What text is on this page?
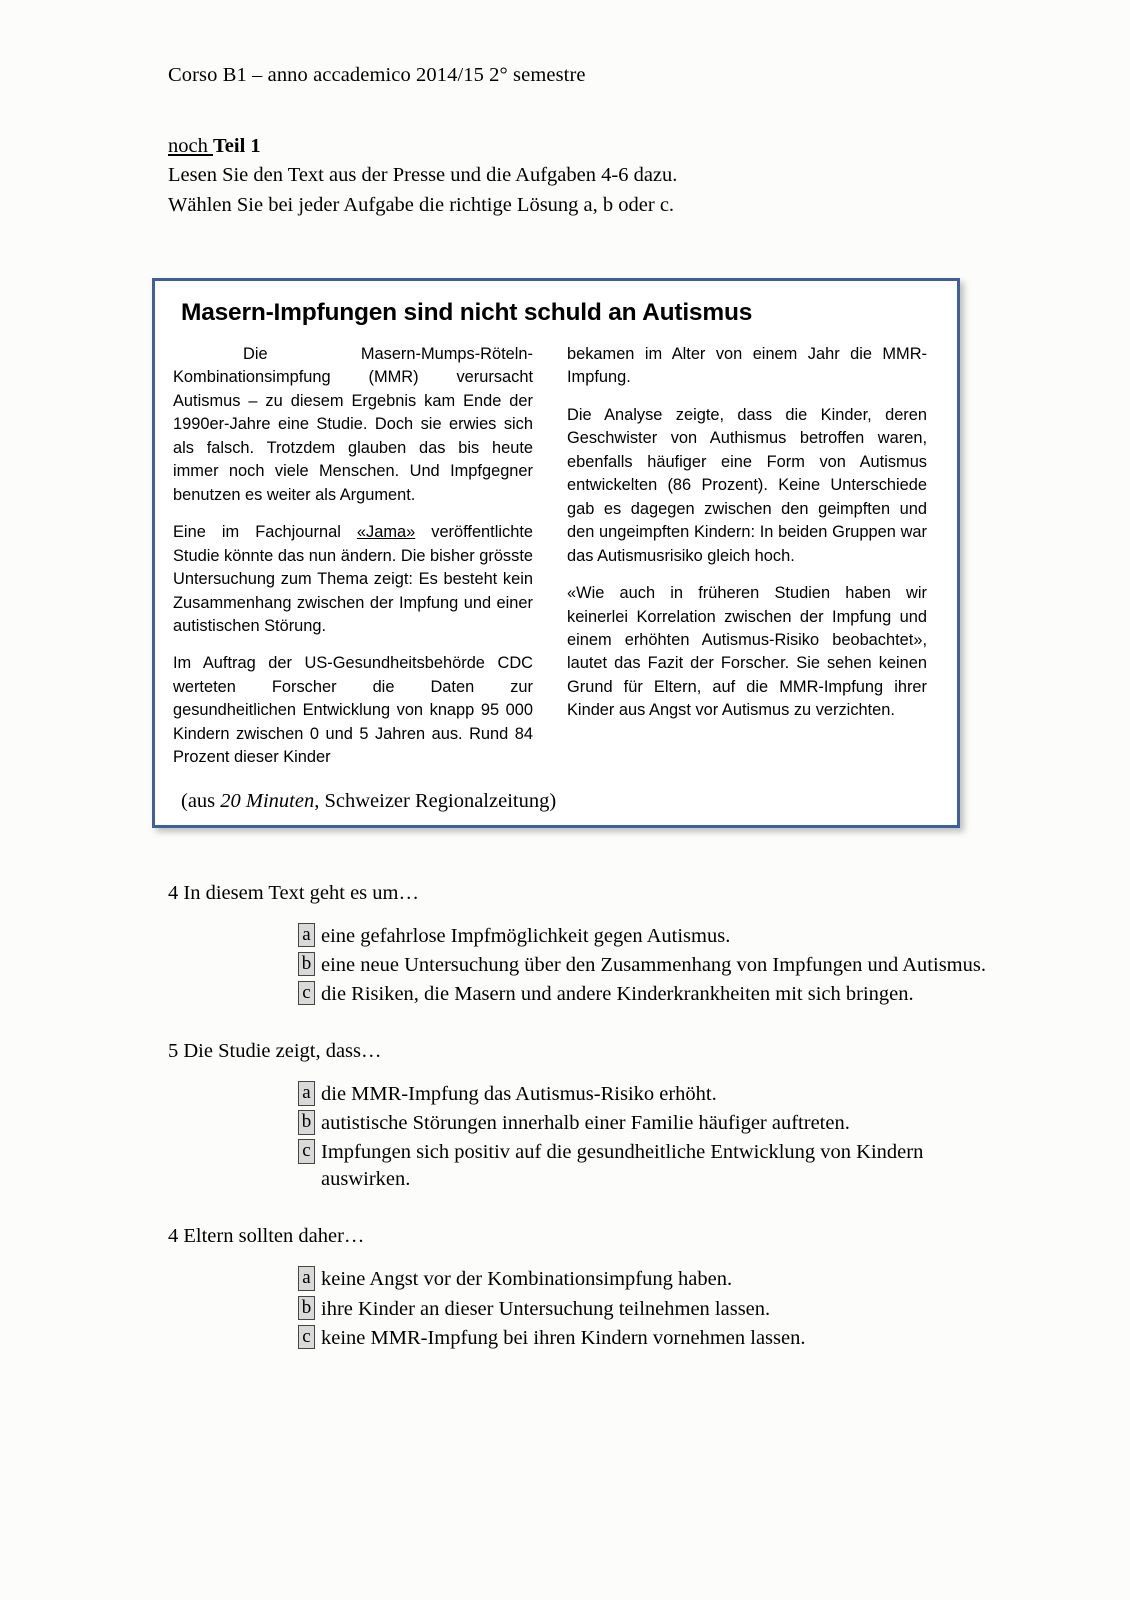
Corso B1 – anno accademico 2014/15 2° semestre
noch Teil 1
Lesen Sie den Text aus der Presse und die Aufgaben 4-6 dazu.
Wählen Sie bei jeder Aufgabe die richtige Lösung a, b oder c.
Masern-Impfungen sind nicht schuld an Autismus

Die Masern-Mumps-Röteln-Kombinationsimpfung (MMR) verursacht Autismus – zu diesem Ergebnis kam Ende der 1990er-Jahre eine Studie. Doch sie erwies sich als falsch. Trotzdem glauben das bis heute immer noch viele Menschen. Und Impfgegner benutzen es weiter als Argument.

Eine im Fachjournal «Jama» veröffentlichte Studie könnte das nun ändern. Die bisher grösste Untersuchung zum Thema zeigt: Es besteht kein Zusammenhang zwischen der Impfung und einer autistischen Störung.

Im Auftrag der US-Gesundheitsbehörde CDC werteten Forscher die Daten zur gesundheitlichen Entwicklung von knapp 95 000 Kindern zwischen 0 und 5 Jahren aus. Rund 84 Prozent dieser Kinder

bekamen im Alter von einem Jahr die MMR-Impfung.

Die Analyse zeigte, dass die Kinder, deren Geschwister von Authismus betroffen waren, ebenfalls häufiger eine Form von Autismus entwickelten (86 Prozent). Keine Unterschiede gab es dagegen zwischen den geimpften und den ungeimpften Kindern: In beiden Gruppen war das Autismusrisiko gleich hoch.

«Wie auch in früheren Studien haben wir keinerlei Korrelation zwischen der Impfung und einem erhöhten Autismus-Risiko beobachtet», lautet das Fazit der Forscher. Sie sehen keinen Grund für Eltern, auf die MMR-Impfung ihrer Kinder aus Angst vor Autismus zu verzichten.

(aus 20 Minuten, Schweizer Regionalzeitung)

4 In diesem Text geht es um…

a eine gefahrlose Impfmöglichkeit gegen Autismus.
b eine neue Untersuchung über den Zusammenhang von Impfungen und Autismus.
c die Risiken, die Masern und andere Kinderkrankheiten mit sich bringen.

5 Die Studie zeigt, dass…

a die MMR-Impfung das Autismus-Risiko erhöht.
b autistische Störungen innerhalb einer Familie häufiger auftreten.
c Impfungen sich positiv auf die gesundheitliche Entwicklung von Kindern auswirken.

4 Eltern sollten daher…

a keine Angst vor der Kombinationsimpfung haben.
b ihre Kinder an dieser Untersuchung teilnehmen lassen.
c keine MMR-Impfung bei ihren Kindern vornehmen lassen.
